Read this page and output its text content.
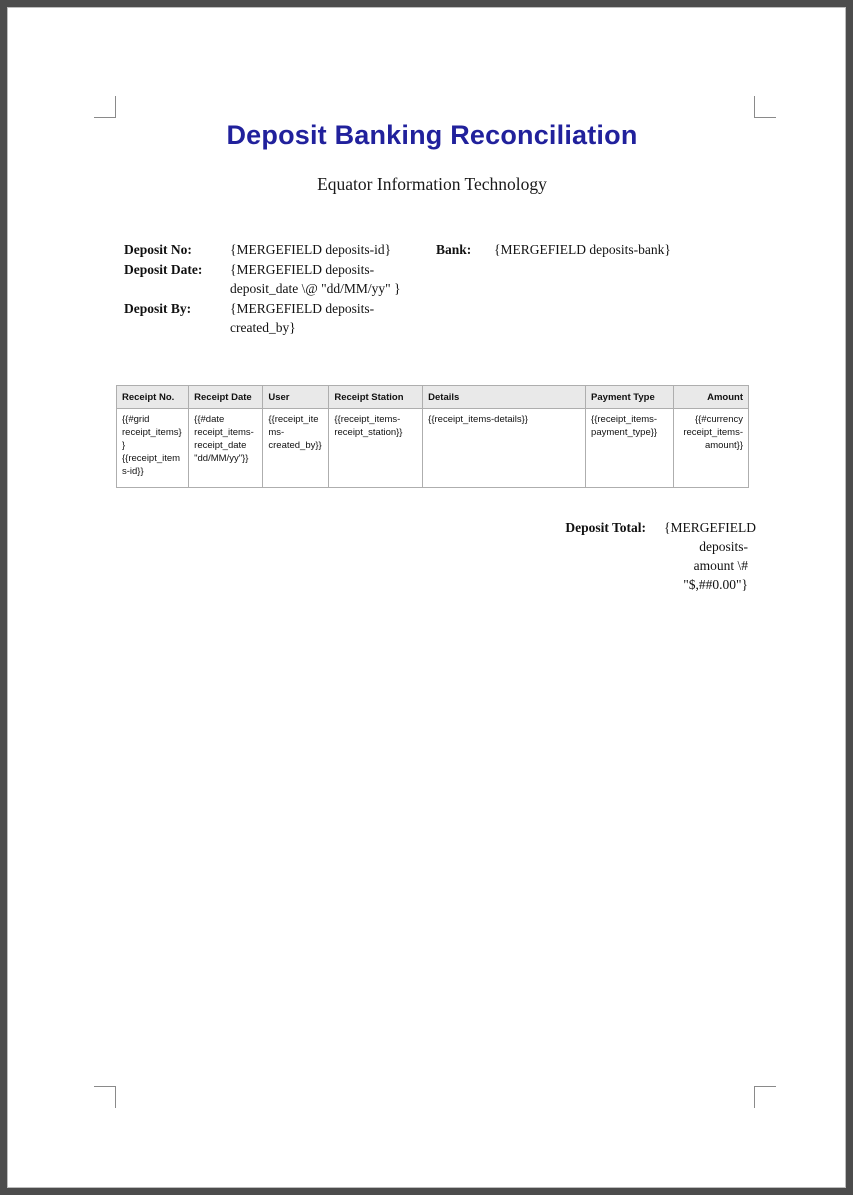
Deposit Banking Reconciliation
Equator Information Technology
Deposit No:	{MERGEFIELD deposits-id}	Bank:	{MERGEFIELD deposits-bank}
Deposit Date:	{MERGEFIELD deposits-deposit_date \@ "dd/MM/yy" }
Deposit By:	{MERGEFIELD deposits-created_by}
Receipt No.	Receipt Date	User	Receipt Station	Details	Payment Type	Amount
{{#grid receipt_items}}{{receipt_items-id}}	{{#date receipt_items-receipt_date "dd/MM/yy"}}	{{receipt_items-created_by}}	{{receipt_items-receipt_station}}	{{receipt_items-details}}	{{receipt_items-payment_type}}	{{#currency receipt_items-amount}}
Deposit Total: {MERGEFIELD deposits-amount \# "$,##0.00"}
